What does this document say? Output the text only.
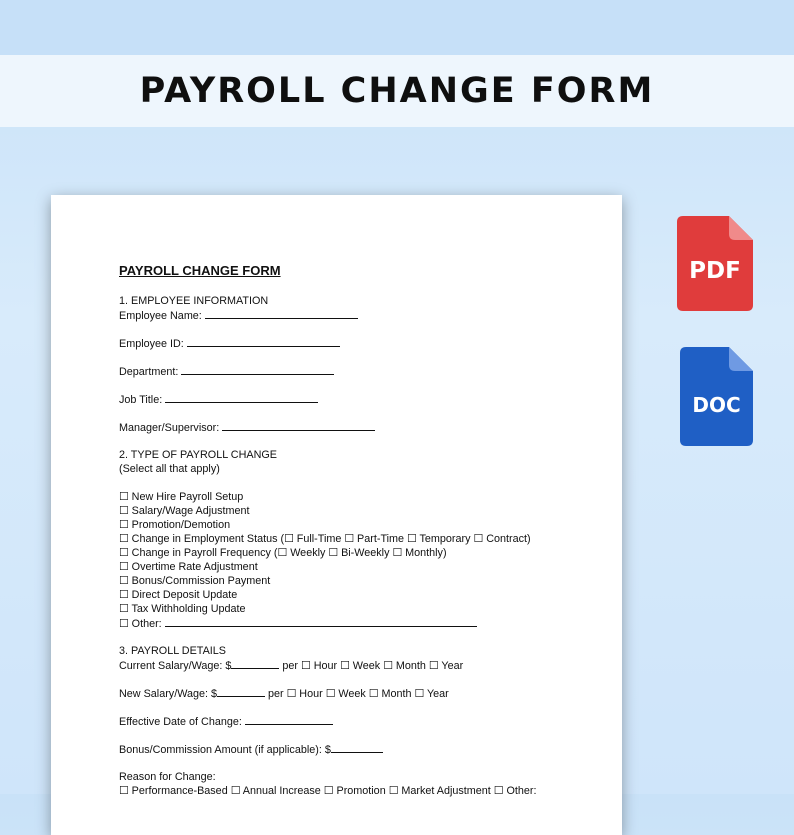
PAYROLL CHANGE FORM
PAYROLL CHANGE FORM
1. EMPLOYEE INFORMATION
Employee Name:
Employee ID:
Department:
Job Title:
Manager/Supervisor:
2. TYPE OF PAYROLL CHANGE
(Select all that apply)
☐ New Hire Payroll Setup
☐ Salary/Wage Adjustment
☐ Promotion/Demotion
☐ Change in Employment Status (☐ Full-Time ☐ Part-Time ☐ Temporary ☐ Contract)
☐ Change in Payroll Frequency (☐ Weekly ☐ Bi-Weekly ☐ Monthly)
☐ Overtime Rate Adjustment
☐ Bonus/Commission Payment
☐ Direct Deposit Update
☐ Tax Withholding Update
☐ Other:
3. PAYROLL DETAILS
Current Salary/Wage: $	per ☐ Hour ☐ Week ☐ Month ☐ Year
New Salary/Wage: $	per ☐ Hour ☐ Week ☐ Month ☐ Year
Effective Date of Change:
Bonus/Commission Amount (if applicable): $
Reason for Change:
☐ Performance-Based ☐ Annual Increase ☐ Promotion ☐ Market Adjustment ☐ Other:
PDF
DOC
